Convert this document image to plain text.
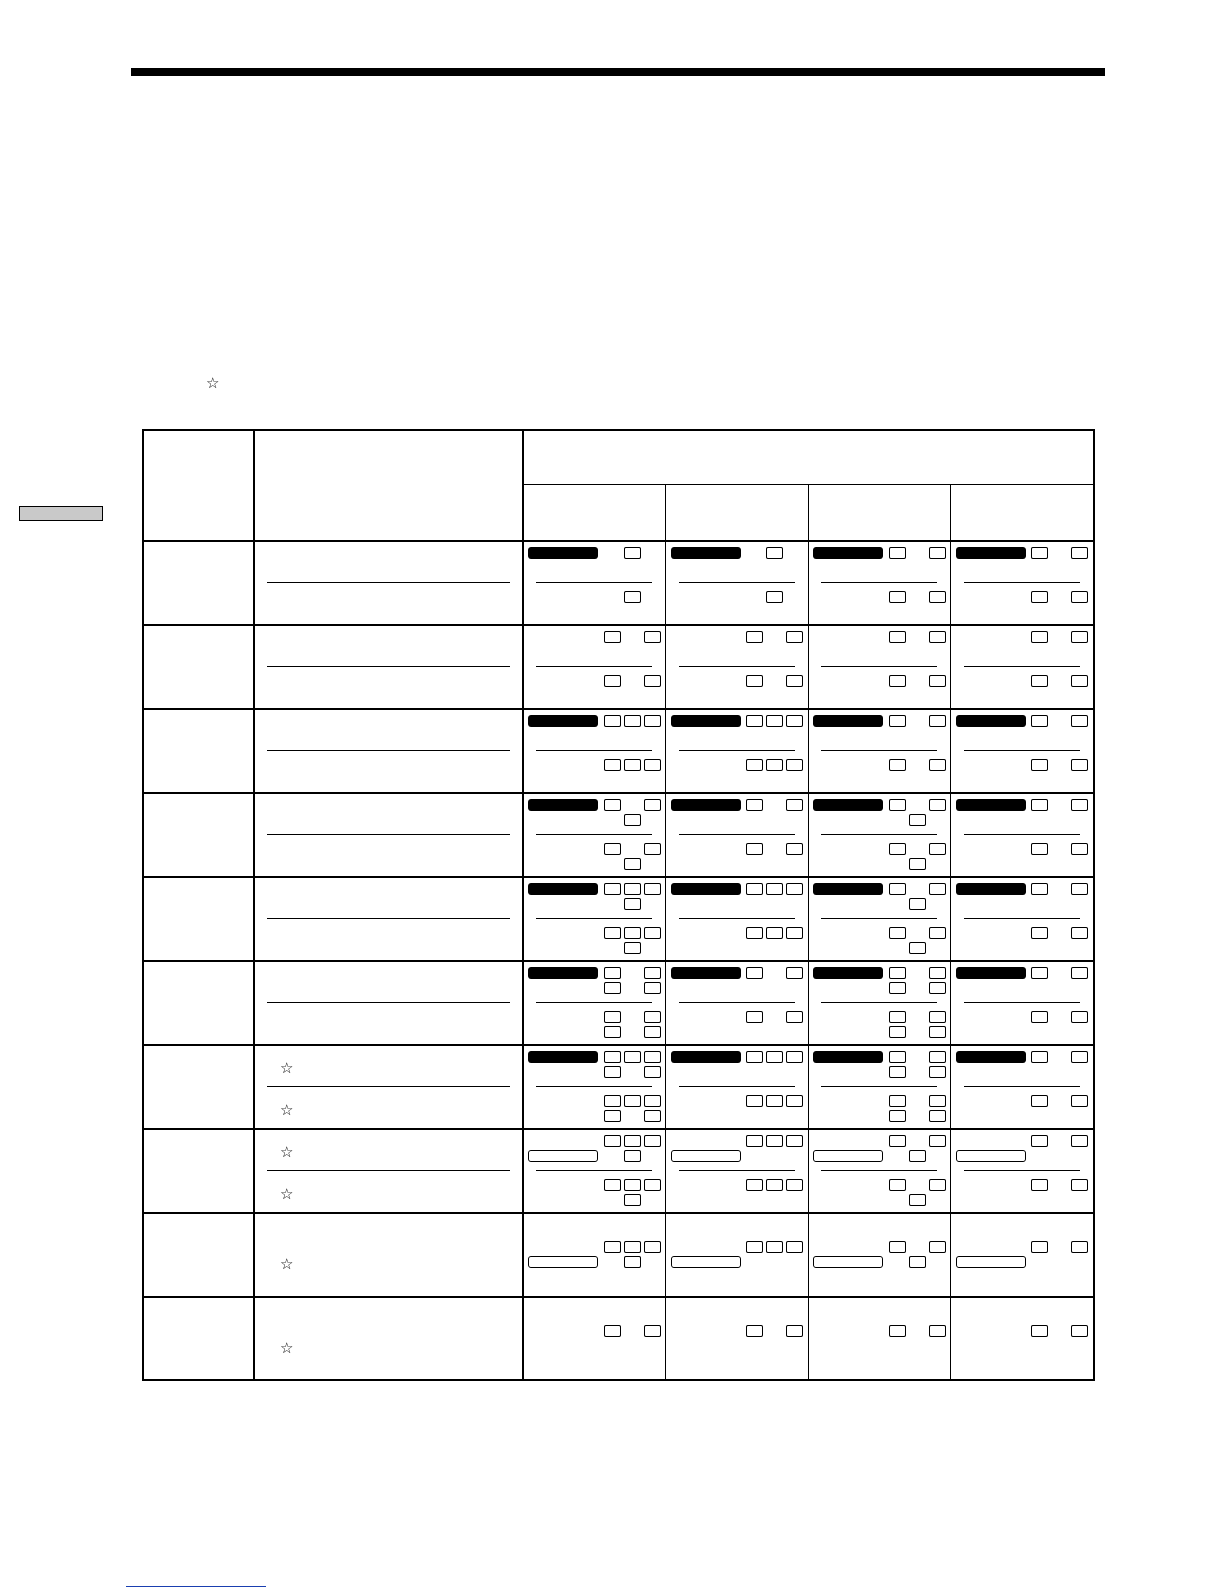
☆
☆
☆
☆
☆
☆
☆
